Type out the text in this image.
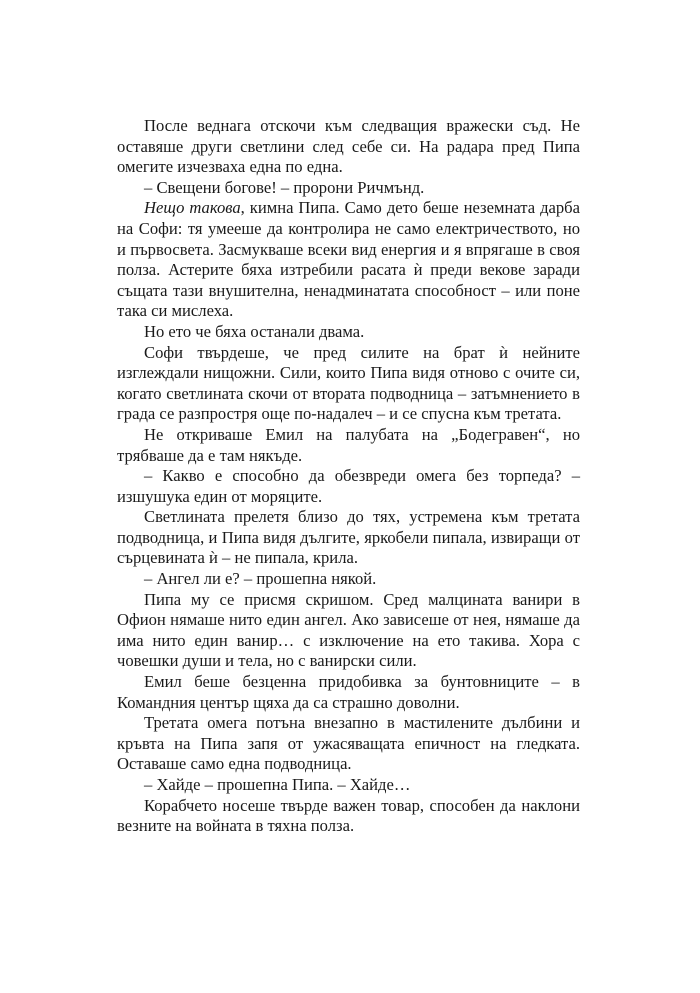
После веднага отскочи към следващия вражески съд. Не оставяше други светлини след себе си. На радара пред Пипа омегите изчезваха една по една.

– Свещени богове! – пророни Ричмънд.

Нещо такова, кимна Пипа. Само дето беше неземната дарба на Софи: тя умееше да контролира не само електричеството, но и първосвета. Засмукваше всеки вид енергия и я впрягаше в своя полза. Астерите бяха изтребили расата ѝ преди векове заради същата тази внушителна, ненадминатата способност – или поне така си мислеха.

Но ето че бяха останали двама.

Софи твърдеше, че пред силите на брат ѝ нейните изглеждали нищожни. Сили, които Пипа видя отново с очите си, когато светлината скочи от втората подводница – затъмнението в града се разпростря още по-надалеч – и се спусна към третата.

Не откриваше Емил на палубата на „Бодегравен“, но трябваше да е там някъде.

– Какво е способно да обезвреди омега без торпеда? – изшушука един от моряците.

Светлината прелетя близо до тях, устремена към третата подводница, и Пипа видя дългите, яркобели пипала, извиращи от сърцевината ѝ – не пипала, крила.

– Ангел ли е? – прошепна някой.

Пипа му се присмя скришом. Сред малцината ванири в Офион нямаше нито един ангел. Ако зависеше от нея, нямаше да има нито един ванир… с изключение на ето такива. Хора с човешки души и тела, но с ванирски сили.

Емил беше безценна придобивка за бунтовниците – в Командния център щяха да са страшно доволни.

Третата омега потъна внезапно в мастилените дълбини и кръвта на Пипа запя от ужасяващата епичност на гледката. Оставаше само една подводница.

– Хайде – прошепна Пипа. – Хайде…

Корабчето носеше твърде важен товар, способен да наклони везните на войната в тяхна полза.
